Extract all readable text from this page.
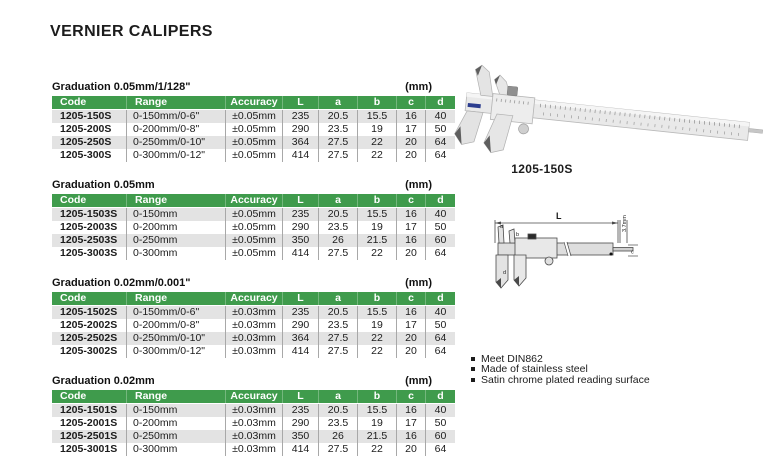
VERNIER CALIPERS
Graduation 0.05mm/1/128"	(mm)
Code	Range	Accuracy	L	a	b	c	d
1205-150S	0-150mm/0-6"	±0.05mm	235	20.5	15.5	16	40
1205-200S	0-200mm/0-8"	±0.05mm	290	23.5	19	17	50
1205-250S	0-250mm/0-10"	±0.05mm	364	27.5	22	20	64
1205-300S	0-300mm/0-12"	±0.05mm	414	27.5	22	20	64
Graduation 0.05mm	(mm)
Code	Range	Accuracy	L	a	b	c	d
1205-1503S	0-150mm	±0.05mm	235	20.5	15.5	16	40
1205-2003S	0-200mm	±0.05mm	290	23.5	19	17	50
1205-2503S	0-250mm	±0.05mm	350	26	21.5	16	60
1205-3003S	0-300mm	±0.05mm	414	27.5	22	20	64
Graduation 0.02mm/0.001"	(mm)
Code	Range	Accuracy	L	a	b	c	d
1205-1502S	0-150mm/0-6"	±0.03mm	235	20.5	15.5	16	40
1205-2002S	0-200mm/0-8"	±0.03mm	290	23.5	19	17	50
1205-2502S	0-250mm/0-10"	±0.03mm	364	27.5	22	20	64
1205-3002S	0-300mm/0-12"	±0.03mm	414	27.5	22	20	64
Graduation 0.02mm	(mm)
Code	Range	Accuracy	L	a	b	c	d
1205-1501S	0-150mm	±0.03mm	235	20.5	15.5	16	40
1205-2001S	0-200mm	±0.03mm	290	23.5	19	17	50
1205-2501S	0-250mm	±0.03mm	350	26	21.5	16	60
1205-3001S	0-300mm	±0.03mm	414	27.5	22	20	64
1205-150S
L	3.7mm
a
b
d
c
Meet DIN862
Made of stainless steel
Satin chrome plated reading surface
